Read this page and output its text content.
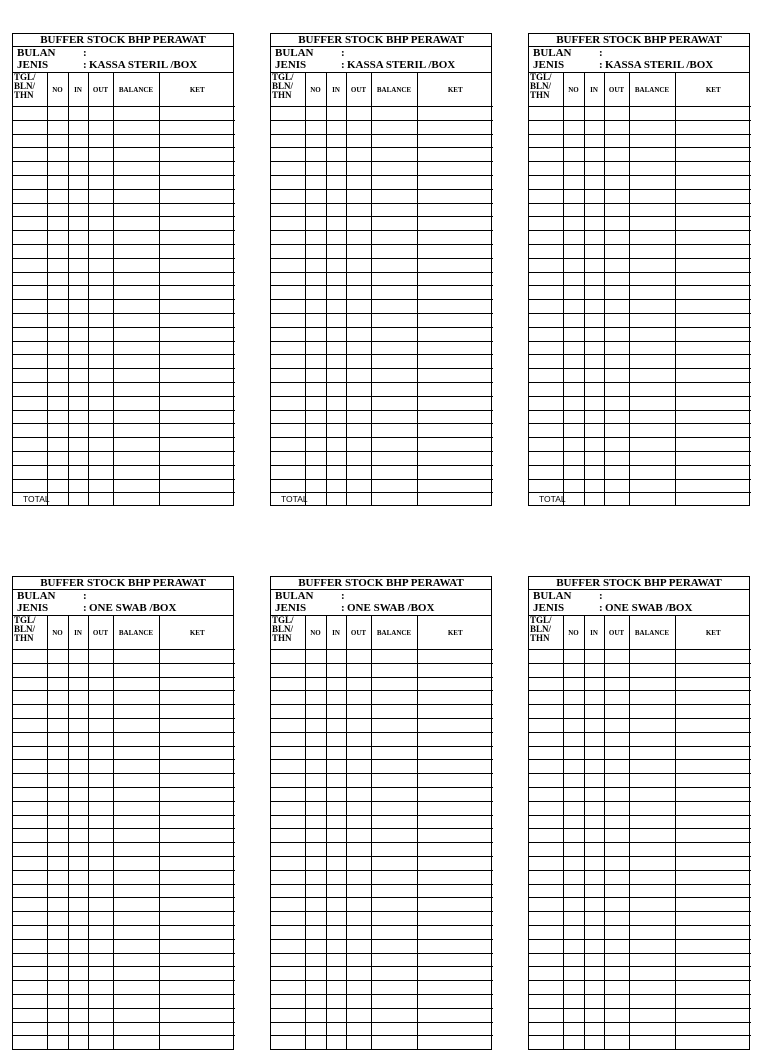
BUFFER STOCK BHP PERAWAT
BULAN :
JENIS	: KASSA STERIL /BOX
TGL/
BLN/
THN	NO	IN	OUT	BALANCE	KET

TOTAL					
BUFFER STOCK BHP PERAWAT
BULAN :
JENIS	: KASSA STERIL /BOX
TGL/
BLN/
THN	NO	IN	OUT	BALANCE	KET

TOTAL					
BUFFER STOCK BHP PERAWAT
BULAN :
JENIS	: KASSA STERIL /BOX
TGL/
BLN/
THN	NO	IN	OUT	BALANCE	KET

TOTAL					
BUFFER STOCK BHP PERAWAT
BULAN :
JENIS	: ONE SWAB /BOX
TGL/
BLN/
THN	NO	IN	OUT	BALANCE	KET

BUFFER STOCK BHP PERAWAT
BULAN :
JENIS	: ONE SWAB /BOX
TGL/
BLN/
THN	NO	IN	OUT	BALANCE	KET

BUFFER STOCK BHP PERAWAT
BULAN :
JENIS	: ONE SWAB /BOX
TGL/
BLN/
THN	NO	IN	OUT	BALANCE	KET
